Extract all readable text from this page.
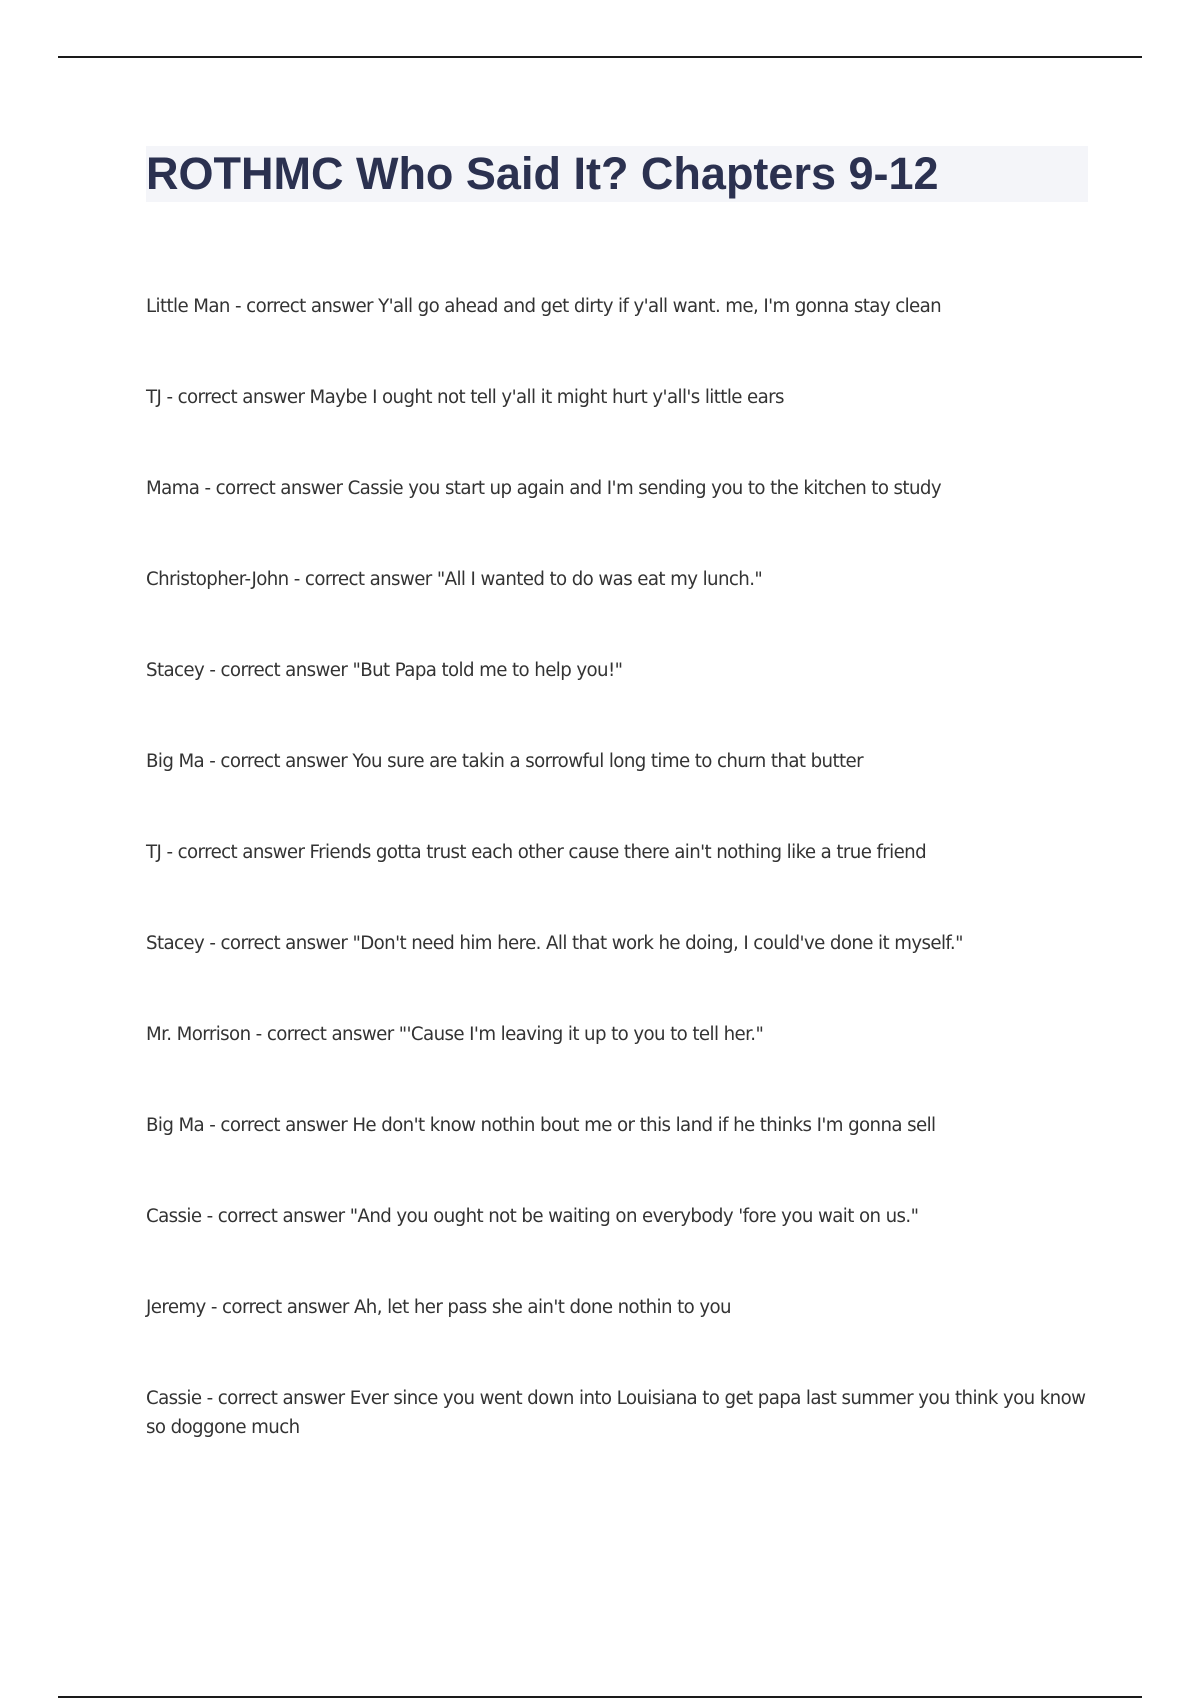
ROTHMC Who Said It? Chapters 9-12
Little Man - correct answer Y'all go ahead and get dirty if y'all want. me, I'm gonna stay clean
TJ - correct answer Maybe I ought not tell y'all it might hurt y'all's little ears
Mama - correct answer Cassie you start up again and I'm sending you to the kitchen to study
Christopher-John - correct answer "All I wanted to do was eat my lunch."
Stacey - correct answer "But Papa told me to help you!"
Big Ma - correct answer You sure are takin a sorrowful long time to churn that butter
TJ - correct answer Friends gotta trust each other cause there ain't nothing like a true friend
Stacey - correct answer "Don't need him here. All that work he doing, I could've done it myself."
Mr. Morrison - correct answer "'Cause I'm leaving it up to you to tell her."
Big Ma - correct answer He don't know nothin bout me or this land if he thinks I'm gonna sell
Cassie - correct answer "And you ought not be waiting on everybody 'fore you wait on us."
Jeremy - correct answer Ah, let her pass she ain't done nothin to you
Cassie - correct answer Ever since you went down into Louisiana to get papa last summer you think you know so doggone much
